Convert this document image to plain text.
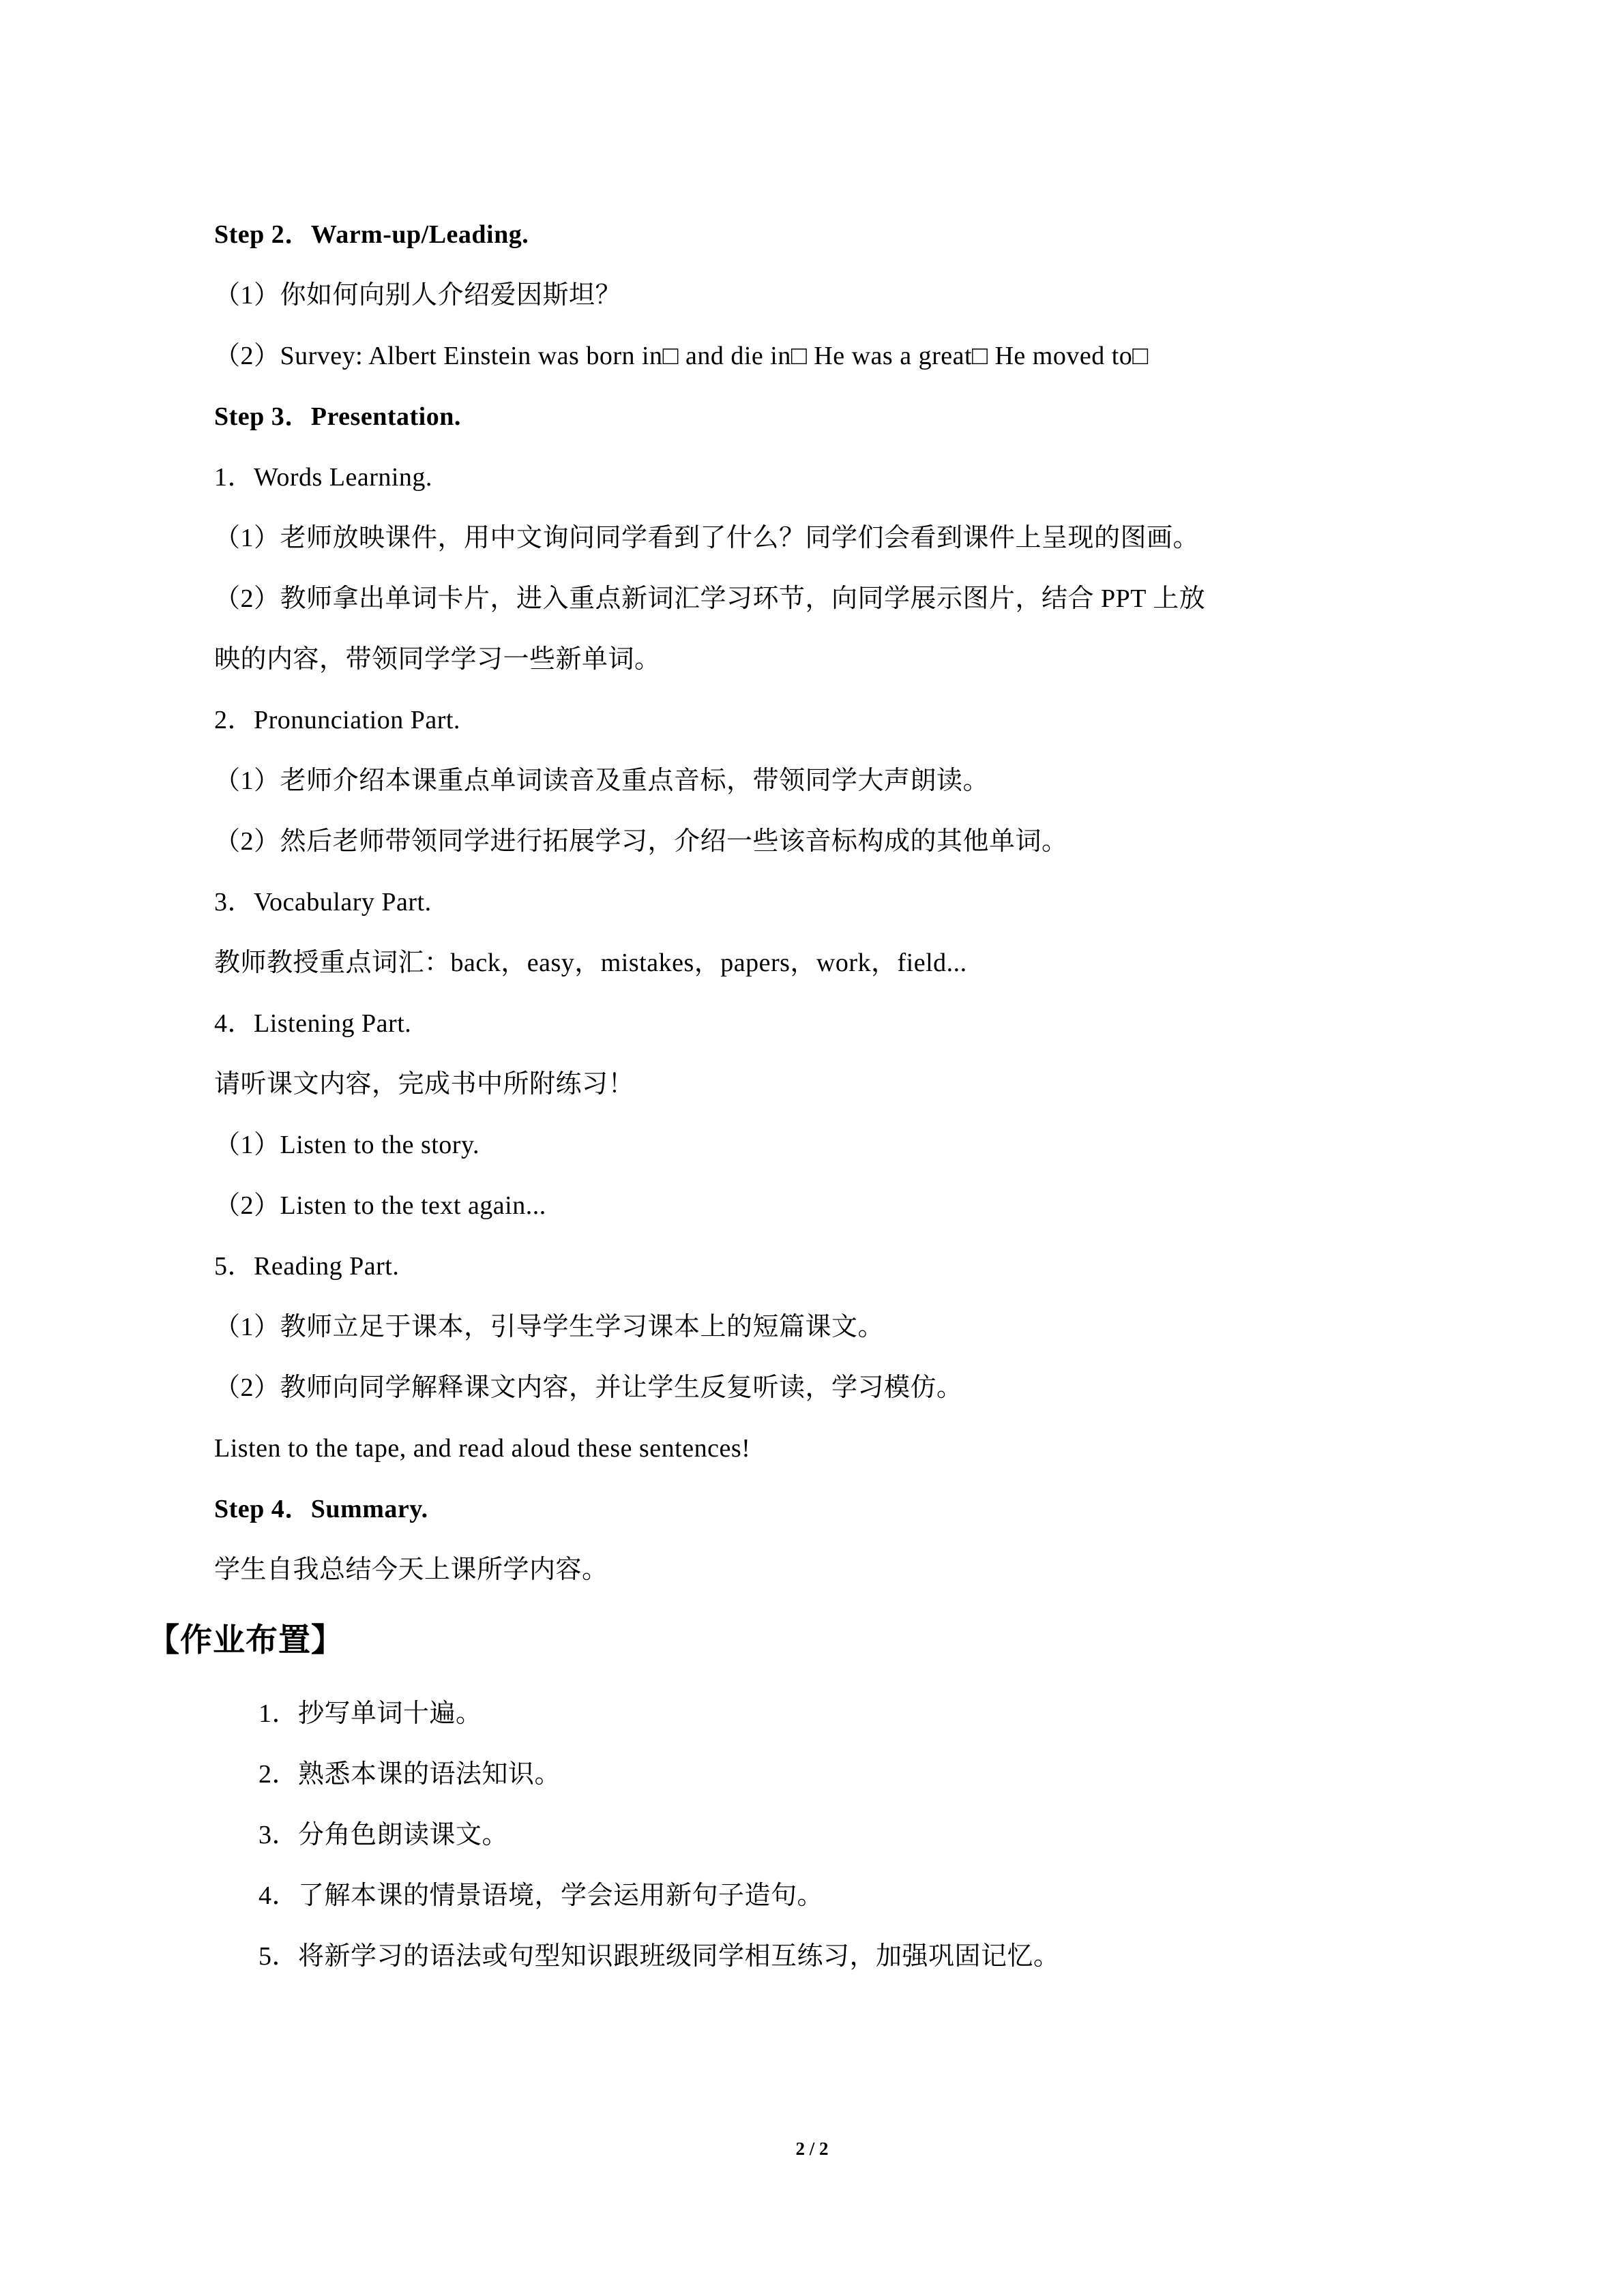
Step 2．Warm-up/Leading.

（1）你如何向别人介绍爱因斯坦？

（2）Survey: Albert Einstein was born in□ and die in□ He was a great□ He moved to□

Step 3．Presentation.

1．Words Learning.

（1）老师放映课件，用中文询问同学看到了什么？同学们会看到课件上呈现的图画。

（2）教师拿出单词卡片，进入重点新词汇学习环节，向同学展示图片，结合 PPT 上放

映的内容，带领同学学习一些新单词。

2．Pronunciation Part.

（1）老师介绍本课重点单词读音及重点音标，带领同学大声朗读。

（2）然后老师带领同学进行拓展学习，介绍一些该音标构成的其他单词。

3．Vocabulary Part.

教师教授重点词汇：back，easy，mistakes，papers，work，field...

4．Listening Part.

请听课文内容，完成书中所附练习！

（1）Listen to the story.

（2）Listen to the text again...

5．Reading Part.

（1）教师立足于课本，引导学生学习课本上的短篇课文。

（2）教师向同学解释课文内容，并让学生反复听读，学习模仿。

Listen to the tape, and read aloud these sentences!

Step 4．Summary.

学生自我总结今天上课所学内容。

【作业布置】

1．抄写单词十遍。

2．熟悉本课的语法知识。

3．分角色朗读课文。

4．了解本课的情景语境，学会运用新句子造句。

5．将新学习的语法或句型知识跟班级同学相互练习，加强巩固记忆。

2 / 2
